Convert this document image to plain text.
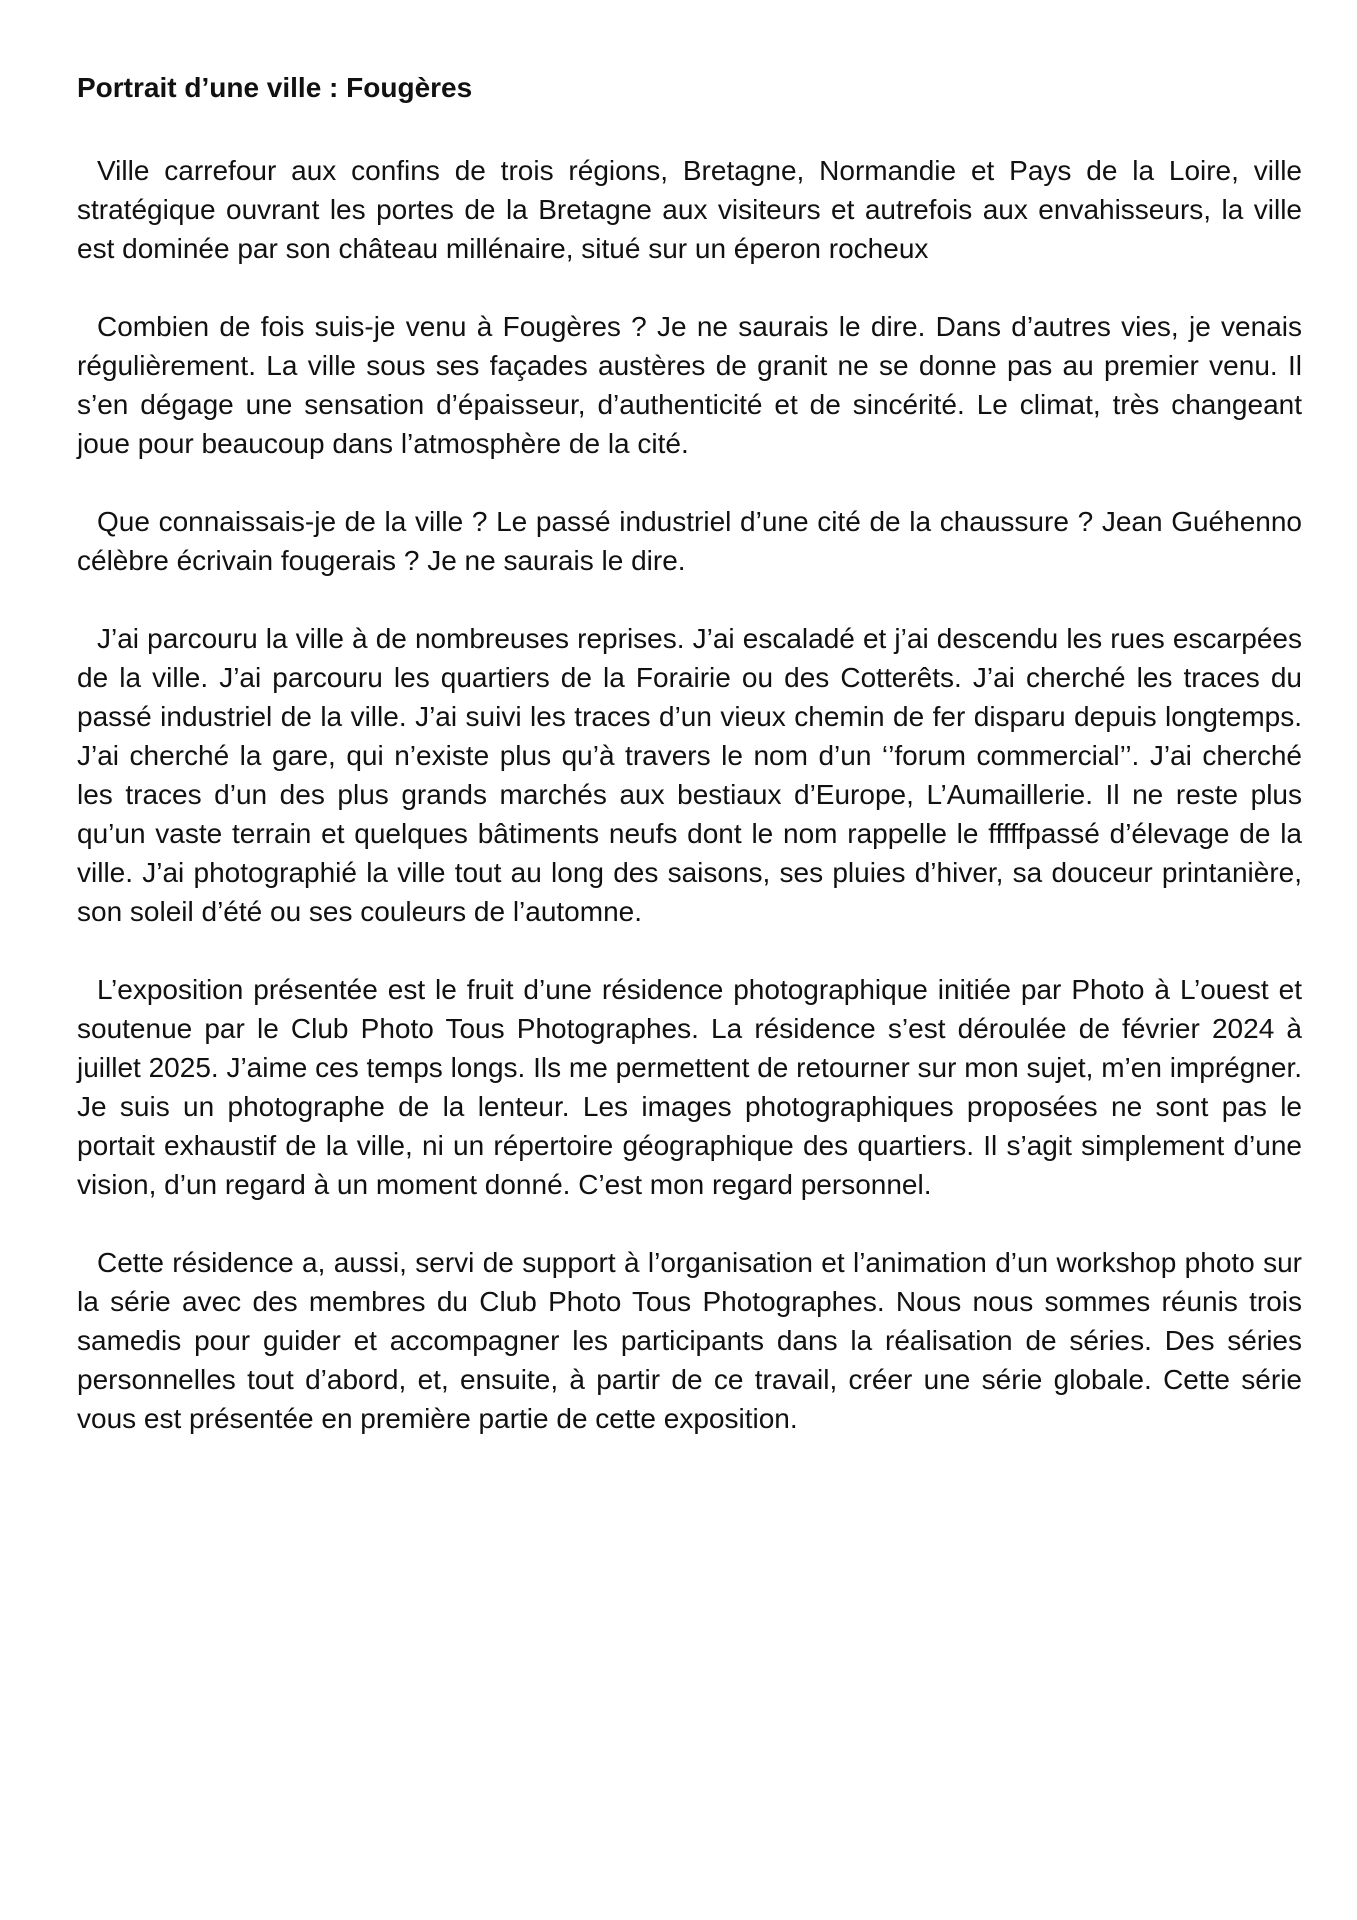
Portrait d’une ville : Fougères

Ville carrefour aux confins de trois régions, Bretagne, Normandie et Pays de la Loire, ville stratégique ouvrant les portes de la Bretagne aux visiteurs et autrefois aux envahisseurs, la ville est dominée par son château millénaire, situé sur un éperon rocheux

Combien de fois suis-je venu à Fougères ? Je ne saurais le dire. Dans d’autres vies, je venais régulièrement. La ville sous ses façades austères de granit ne se donne pas au premier venu. Il s’en dégage une sensation d’épaisseur, d’authenticité et de sincérité. Le climat, très changeant joue pour beaucoup dans l’atmosphère de la cité.

Que connaissais-je de la ville ? Le passé industriel d’une cité de la chaussure ? Jean Guéhenno célèbre écrivain fougerais ? Je ne saurais le dire.

J’ai parcouru la ville à de nombreuses reprises. J’ai escaladé et j’ai descendu les rues escarpées de la ville. J’ai parcouru les quartiers de la Forairie ou des Cotterêts. J’ai cherché les traces du passé industriel de la ville. J’ai suivi les traces d’un vieux chemin de fer disparu depuis longtemps. J’ai cherché la gare, qui n’existe plus qu’à travers le nom d’un ‘’forum commercial’’. J’ai cherché les traces d’un des plus grands marchés aux bestiaux d’Europe, L’Aumaillerie. Il ne reste plus qu’un vaste terrain et quelques bâtiments neufs dont le nom rappelle le fffffpassé d’élevage de la ville. J’ai photographié la ville tout au long des saisons, ses pluies d’hiver, sa douceur printanière, son soleil d’été ou ses couleurs de l’automne.

L’exposition présentée est le fruit d’une résidence photographique initiée par Photo à L’ouest et soutenue par le Club Photo Tous Photographes. La résidence s’est déroulée de février 2024 à juillet 2025. J’aime ces temps longs. Ils me permettent de retourner sur mon sujet, m’en imprégner. Je suis un photographe de la lenteur. Les images photographiques proposées ne sont pas le portait exhaustif de la ville, ni un répertoire géographique des quartiers. Il s’agit simplement d’une vision, d’un regard à un moment donné. C’est mon regard personnel.

Cette résidence a, aussi, servi de support à l’organisation et l’animation d’un workshop photo sur la série avec des membres du Club Photo Tous Photographes. Nous nous sommes réunis trois samedis pour guider et accompagner les participants dans la réalisation de séries. Des séries personnelles tout d’abord, et, ensuite, à partir de ce travail, créer une série globale. Cette série vous est présentée en première partie de cette exposition.
